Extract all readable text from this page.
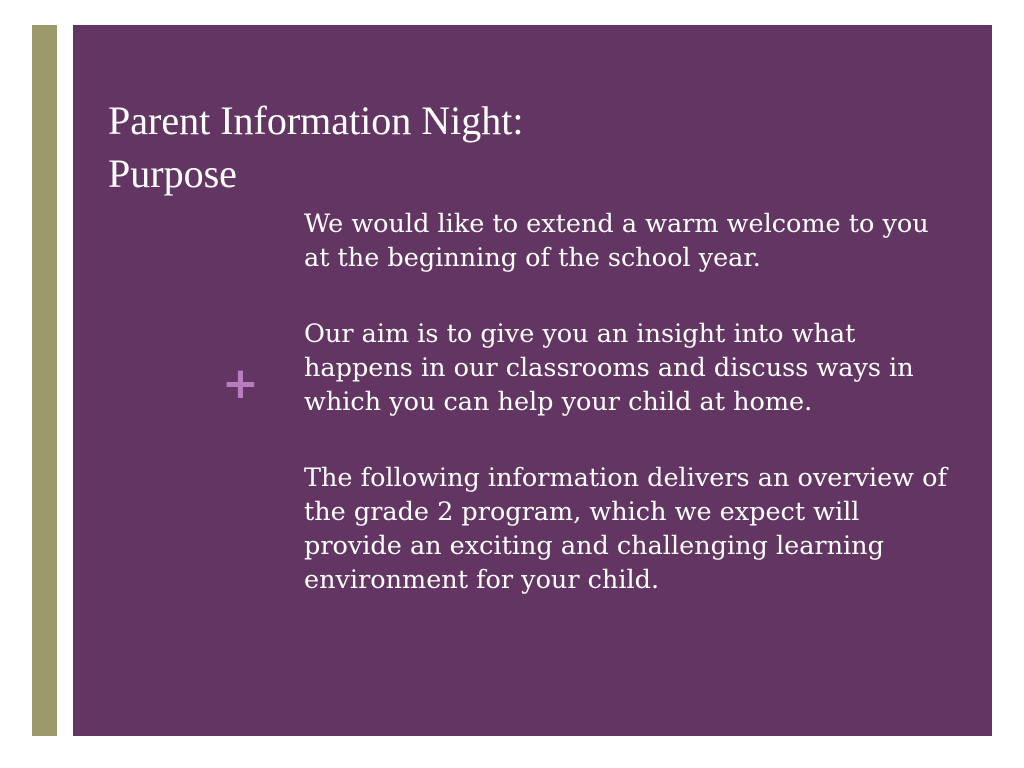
Parent Information Night:
Purpose
+

We would like to extend a warm welcome to you at the beginning of the school year.

Our aim is to give you an insight into what happens in our classrooms and discuss ways in which you can help your child at home.

The following information delivers an overview of the grade 2 program, which we expect will provide an exciting and challenging learning environment for your child.
